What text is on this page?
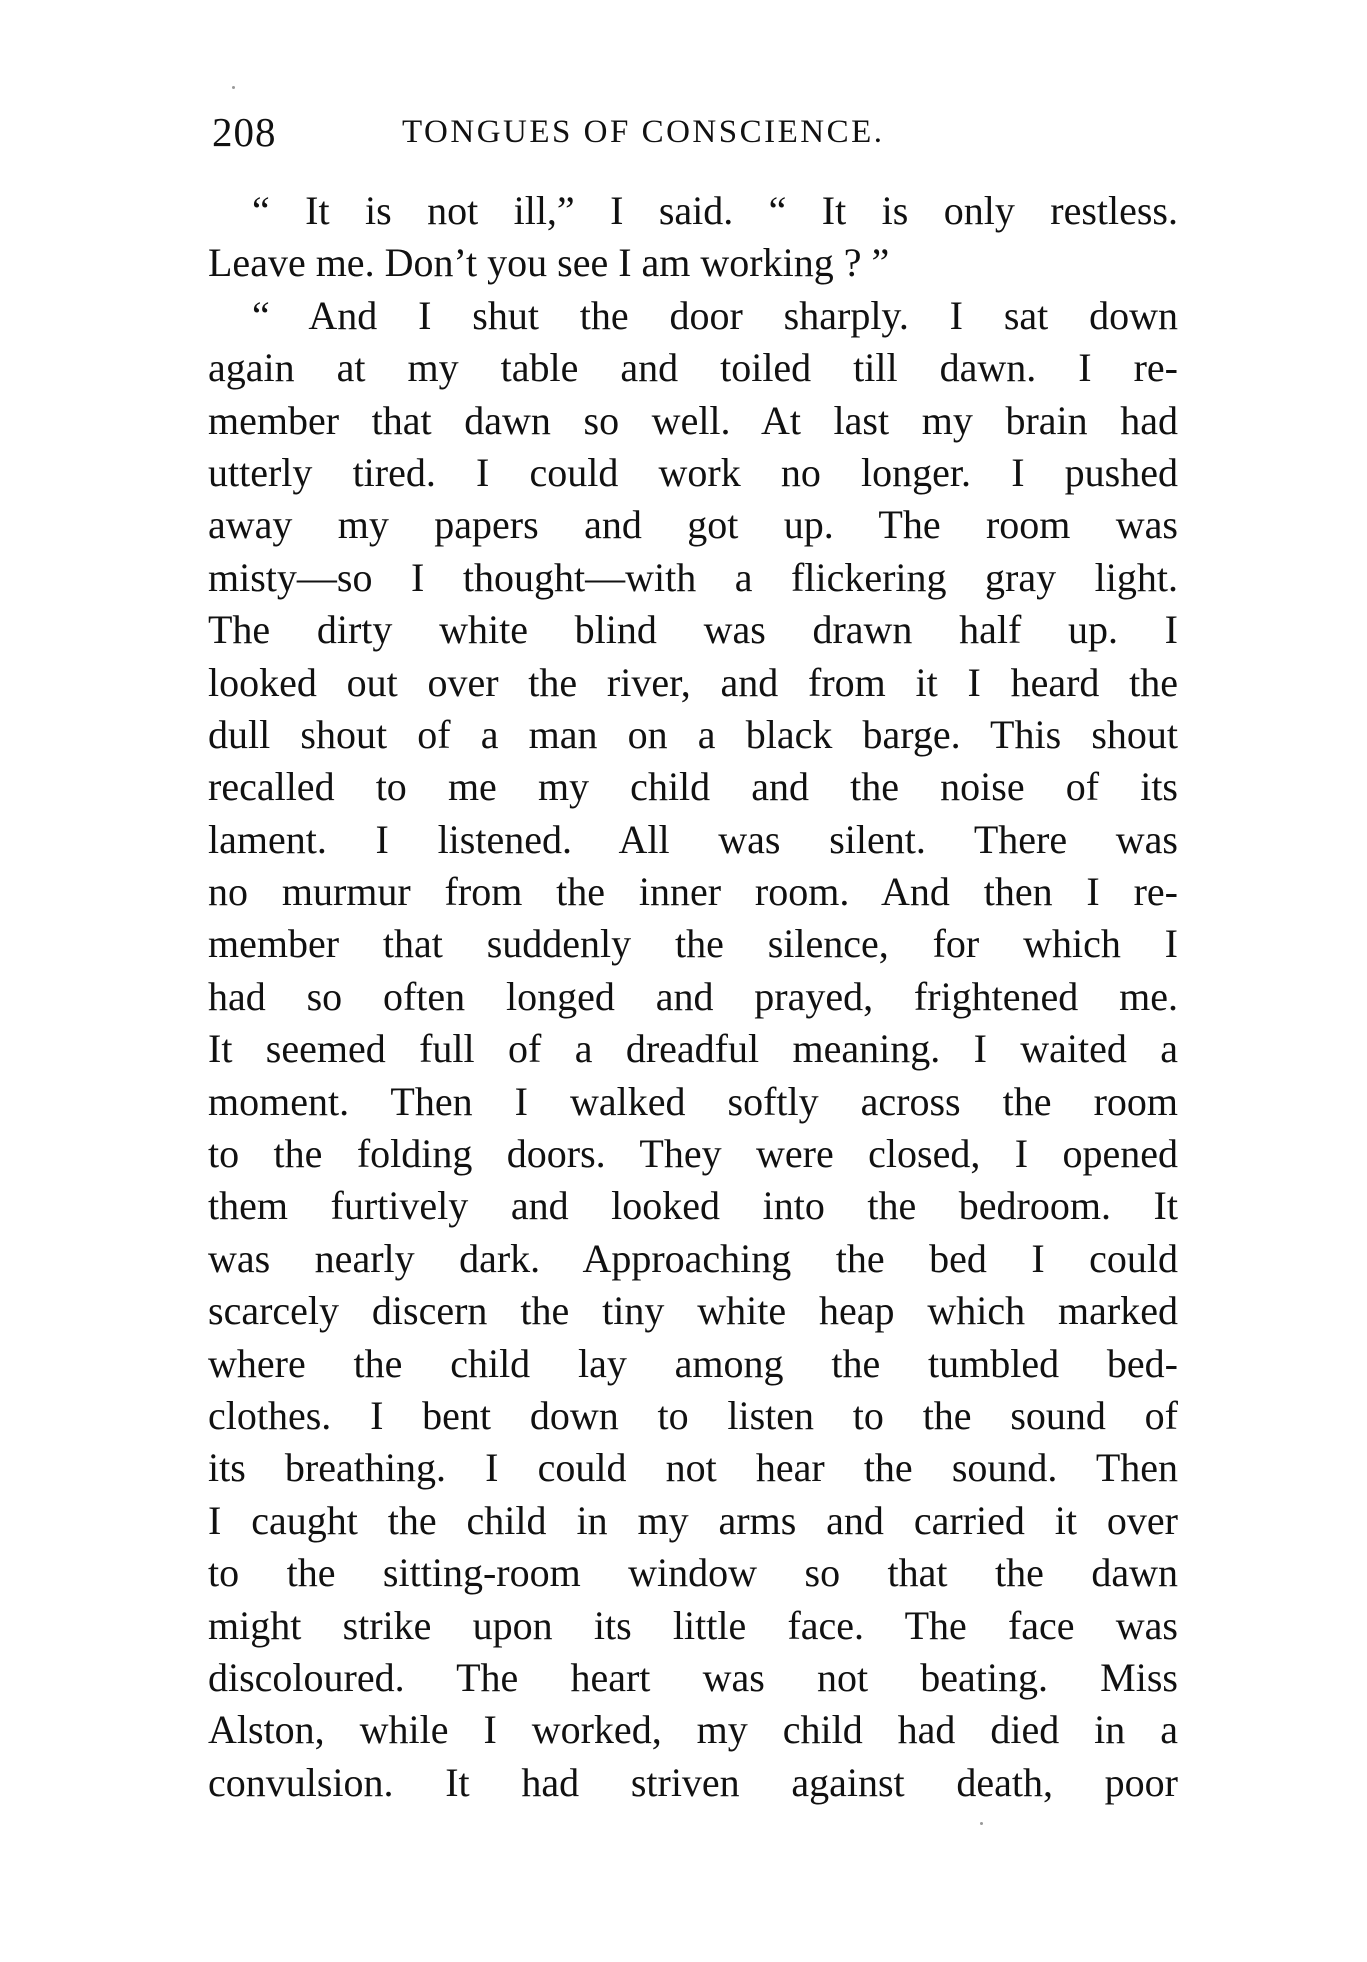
208	TONGUES OF CONSCIENCE.
“ It is not ill,” I said. “ It is only restless.
Leave me. Don’t you see I am working ? ”
“ And I shut the door sharply. I sat down
again at my table and toiled till dawn. I re-
member that dawn so well. At last my brain had
utterly tired. I could work no longer. I pushed
away my papers and got up. The room was
misty—so I thought—with a flickering gray light.
The dirty white blind was drawn half up. I
looked out over the river, and from it I heard the
dull shout of a man on a black barge. This shout
recalled to me my child and the noise of its
lament. I listened. All was silent. There was
no murmur from the inner room. And then I re-
member that suddenly the silence, for which I
had so often longed and prayed, frightened me.
It seemed full of a dreadful meaning. I waited a
moment. Then I walked softly across the room
to the folding doors. They were closed, I opened
them furtively and looked into the bedroom. It
was nearly dark. Approaching the bed I could
scarcely discern the tiny white heap which marked
where the child lay among the tumbled bed-
clothes. I bent down to listen to the sound of
its breathing. I could not hear the sound. Then
I caught the child in my arms and carried it over
to the sitting-room window so that the dawn
might strike upon its little face. The face was
discoloured. The heart was not beating. Miss
Alston, while I worked, my child had died in a
convulsion. It had striven against death, poor
